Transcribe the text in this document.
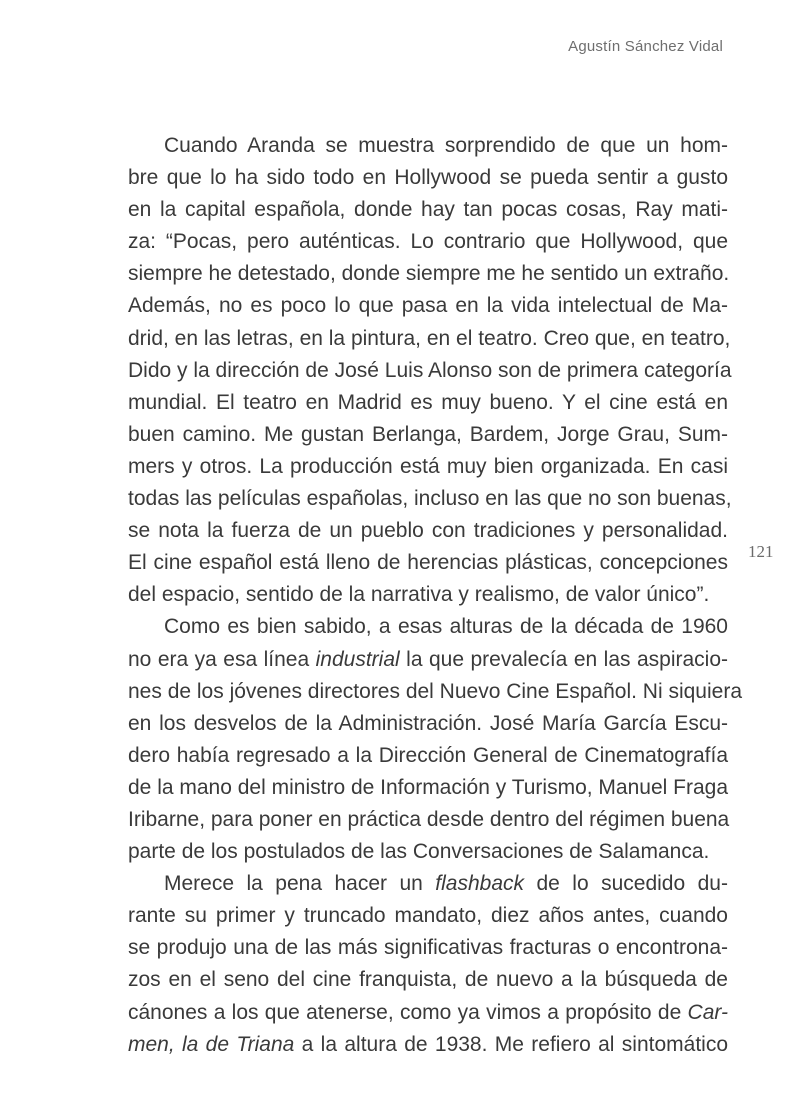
Agustín Sánchez Vidal
121
Cuando Aranda se muestra sorprendido de que un hom-
bre que lo ha sido todo en Hollywood se pueda sentir a gusto
en la capital española, donde hay tan pocas cosas, Ray mati-
za: “Pocas, pero auténticas. Lo contrario que Hollywood, que
siempre he detestado, donde siempre me he sentido un extraño.
Además, no es poco lo que pasa en la vida intelectual de Ma-
drid, en las letras, en la pintura, en el teatro. Creo que, en teatro,
Dido y la dirección de José Luis Alonso son de primera categoría
mundial. El teatro en Madrid es muy bueno. Y el cine está en
buen camino. Me gustan Berlanga, Bardem, Jorge Grau, Sum-
mers y otros. La producción está muy bien organizada. En casi
todas las películas españolas, incluso en las que no son buenas,
se nota la fuerza de un pueblo con tradiciones y personalidad.
El cine español está lleno de herencias plásticas, concepciones
del espacio, sentido de la narrativa y realismo, de valor único”.
Como es bien sabido, a esas alturas de la década de 1960
no era ya esa línea industrial la que prevalecía en las aspiracio-
nes de los jóvenes directores del Nuevo Cine Español. Ni siquiera
en los desvelos de la Administración. José María García Escu-
dero había regresado a la Dirección General de Cinematografía
de la mano del ministro de Información y Turismo, Manuel Fraga
Iribarne, para poner en práctica desde dentro del régimen buena
parte de los postulados de las Conversaciones de Salamanca.
Merece la pena hacer un flashback de lo sucedido du-
rante su primer y truncado mandato, diez años antes, cuando
se produjo una de las más significativas fracturas o encontrona-
zos en el seno del cine franquista, de nuevo a la búsqueda de
cánones a los que atenerse, como ya vimos a propósito de Car-
men, la de Triana a la altura de 1938. Me refiero al sintomático
